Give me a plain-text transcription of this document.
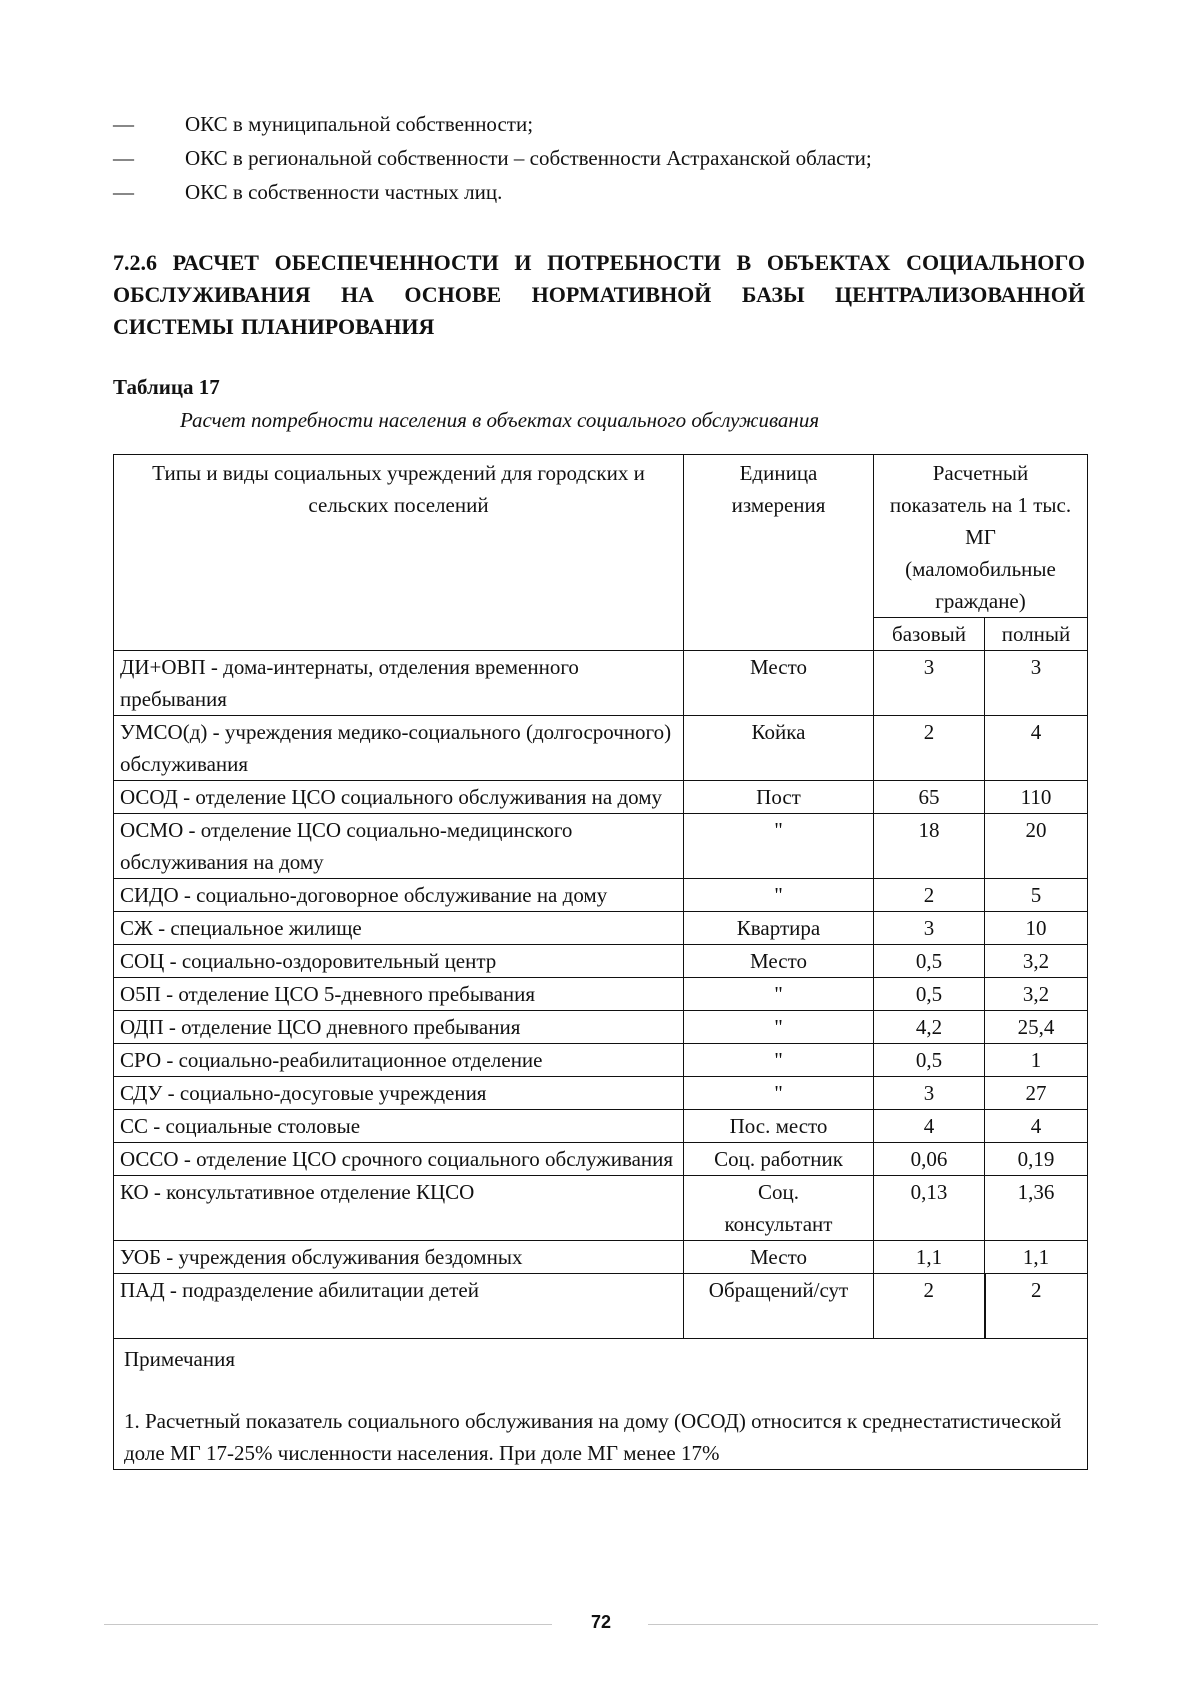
—	ОКС в муниципальной собственности;
—	ОКС в региональной собственности – собственности Астраханской области;
—	ОКС в собственности частных лиц.
7.2.6 РАСЧЕТ ОБЕСПЕЧЕННОСТИ И ПОТРЕБНОСТИ В ОБЪЕКТАХ СОЦИАЛЬНОГО ОБСЛУЖИВАНИЯ НА ОСНОВЕ НОРМАТИВНОЙ БАЗЫ ЦЕНТРАЛИЗОВАННОЙ СИСТЕМЫ ПЛАНИРОВАНИЯ
Таблица 17
Расчет потребности населения в объектах социального обслуживания
Типы и виды социальных учреждений для городских и сельских поселений	Единица измерения	Расчетный показатель на 1 тыс. МГ (маломобильные граждане)	
		базовый	полный
ДИ+ОВП - дома-интернаты, отделения временного пребывания	Место	3	3
УМСО(д) - учреждения медико-социального (долгосрочного) обслуживания	Койка	2	4
ОСОД - отделение ЦСО социального обслуживания на дому	Пост	65	110
ОСМО - отделение ЦСО социально-медицинского обслуживания на дому	"	18	20
СИДО - социально-договорное обслуживание на дому	"	2	5
СЖ - специальное жилище	Квартира	3	10
СОЦ - социально-оздоровительный центр	Место	0,5	3,2
О5П - отделение ЦСО 5-дневного пребывания	"	0,5	3,2
ОДП - отделение ЦСО дневного пребывания	"	4,2	25,4
СРО - социально-реабилитационное отделение	"	0,5	1
СДУ - социально-досуговые учреждения	"	3	27
СС - социальные столовые	Пос. место	4	4
ОССО - отделение ЦСО срочного социального обслуживания	Соц. работник	0,06	0,19
КО - консультативное отделение КЦСО	Соц. консультант	0,13	1,36
УОБ - учреждения обслуживания бездомных	Место	1,1	1,1
ПАД - подразделение абилитации детей	Обращений/сут	2	2

Примечания
1. Расчетный показатель социального обслуживания на дому (ОСОД) относится к среднестатистической доле МГ 17-25% численности населения. При доле МГ менее 17%			
72
